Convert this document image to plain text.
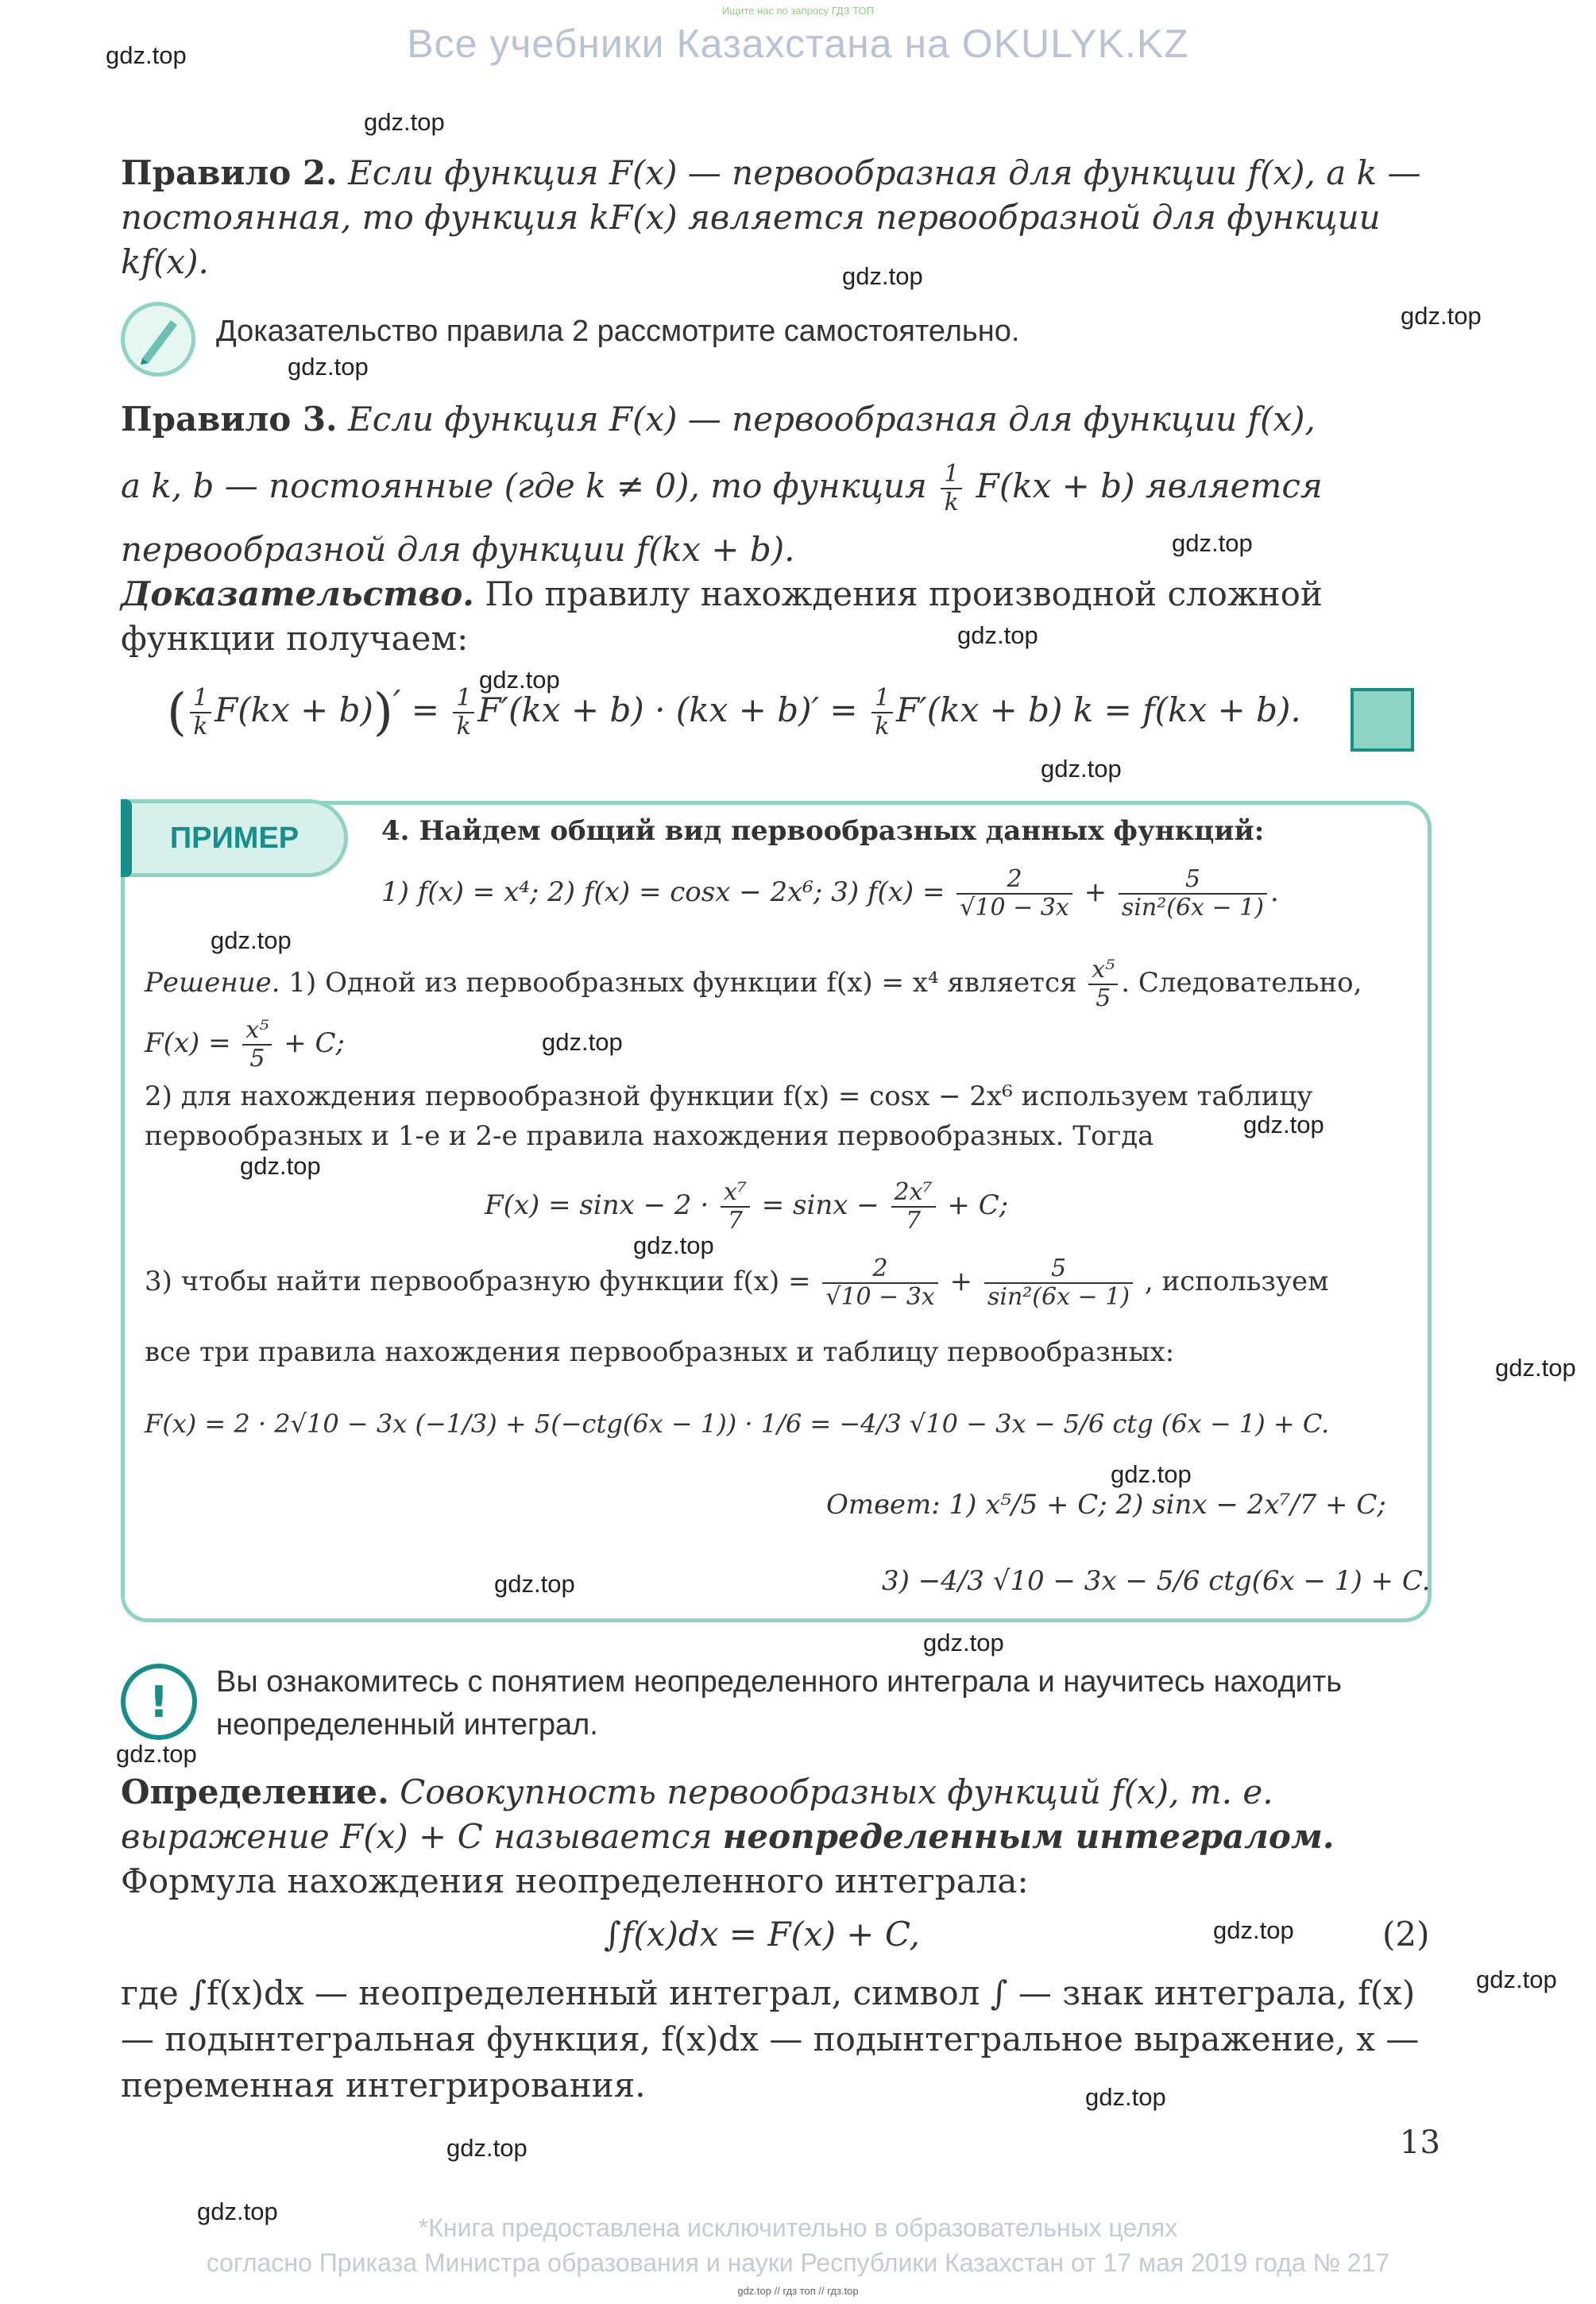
Ищите нас по запросу ГДЗ ТОП
Все учебники Казахстана на OKULYK.KZ
gdz.top
gdz.top
gdz.top
gdz.top
gdz.top
gdz.top
gdz.top
gdz.top
gdz.top
gdz.top
gdz.top
gdz.top
gdz.top
gdz.top
gdz.top
gdz.top
gdz.top
gdz.top
gdz.top
gdz.top
gdz.top
gdz.top
gdz.top
gdz.top
Правило 2. Если функция F(x) — первообразная для функции f(x), а k — постоянная, то функция kF(x) является первообразной для функции kf(x).
Доказательство правила 2 рассмотрите самостоятельно.
Правило 3. Если функция F(x) — первообразная для функции f(x),
а k, b — постоянные (где k ≠ 0), то функция $\frac{1}{k} F(kx + b)$ является
первообразной для функции f(kx + b).
Доказательство. По правилу нахождения производной сложной функции получаем:
( $\frac{1}{k} F(kx + b))' = \frac{1}{k} F'(kx + b) \cdot (kx + b)' = \frac{1}{k} F'(kx + b)$ k = f(kx + b).
ПРИМЕР	4. Найдем общий вид первообразных данных функций:
1) f(x) = x⁴; 2) f(x) = cosx − 2x⁶; 3) $f(x) = \frac{2}{√10 - 3x} + \frac{5}{\text{sin²(6x − 1)}}$ .
Решение. 1) Одной из первообразных функции f(x) = x⁴ является $\frac{\text{x⁵}}{5}$ . Следовательно,
$F(x) = \frac{\text{x⁵}}{5} + C$;
2) для нахождения первообразной функции f(x) = cosx − 2x⁶ используем таблицу
первообразных и 1-е и 2-е правила нахождения первообразных. Тогда
$F(x) = \sin x - 2 \cdot \frac{\text{x⁷}}{7} = \sin x - \frac{\text{2x⁷}}{7} + C$;
3) чтобы найти первообразную функции $f(x) = \frac{2}{√10 - 3x} + \frac{5}{\text{sin²(6x − 1)}}$ , используем
все три правила нахождения первообразных и таблицу первообразных:
F(x) = 2 · 2√10 − 3x (−1/3) + 5(−ctg(6x − 1)) · 1/6 = −4/3 √10 − 3x − 5/6 ctg (6x − 1) + C.
Ответ: 1) x⁵/5 + C; 2) sinx − 2x⁷/7 + C;
3) −4/3 √10 − 3x − 5/6 ctg(6x − 1) + C.
!	Вы ознакомитесь с понятием неопределенного интеграла и научитесь находить неопределенный интеграл.
Определение. Совокупность первообразных функций f(x), т. е. выражение F(x) + C называется неопределенным интегралом.
Формула нахождения неопределенного интеграла:
∫f(x)dx = F(x) + C,	(2)
где ∫f(x)dx — неопределенный интеграл, символ ∫ — знак интеграла, f(x) — подынтегральная функция, f(x)dx — подынтегральное выражение, x — переменная интегрирования.
13
*Книга предоставлена исключительно в образовательных целях
согласно Приказа Министра образования и науки Республики Казахстан от 17 мая 2019 года № 217
gdz.top // гдз топ // гдз.top
